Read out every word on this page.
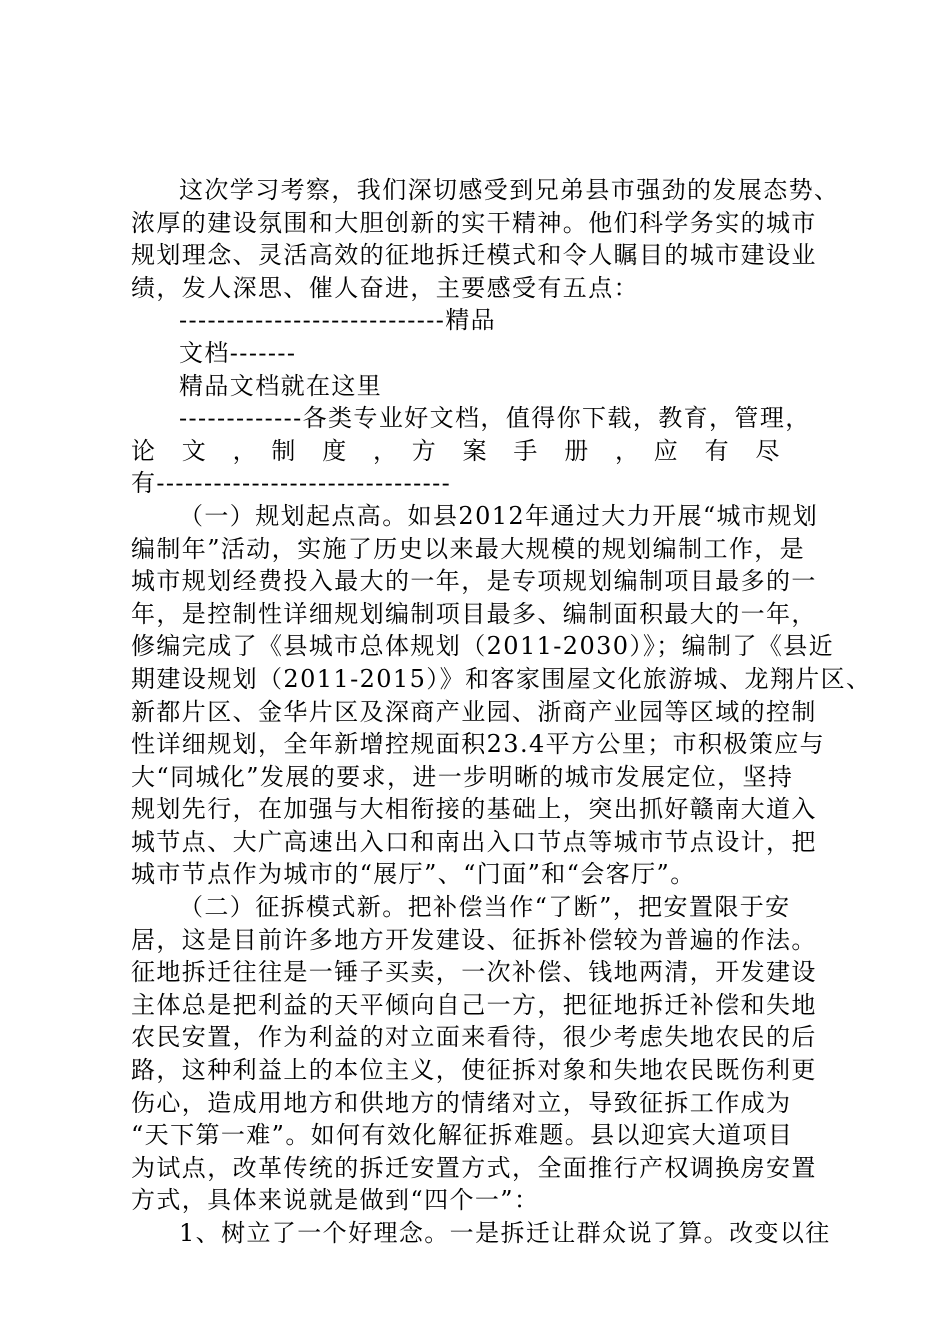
这次学习考察，我们深切感受到兄弟县市强劲的发展态势、
浓厚的建设氛围和大胆创新的实干精神。他们科学务实的城市
规划理念、灵活高效的征地拆迁模式和令人瞩目的城市建设业
绩，发人深思、催人奋进，主要感受有五点：
----------------------------精品
文档-------
精品文档就在这里
-------------各类专业好文档，值得你下载，教育，管理，
论　文　，　制　度　，　方　案　手　册　，　应　有　尽
有-------------------------------
（一）规划起点高。如县2012年通过大力开展“城市规划
编制年”活动，实施了历史以来最大规模的规划编制工作，是
城市规划经费投入最大的一年，是专项规划编制项目最多的一
年，是控制性详细规划编制项目最多、编制面积最大的一年，
修编完成了《县城市总体规划（2011-2030）》；编制了《县近
期建设规划（2011-2015）》和客家围屋文化旅游城、龙翔片区、
新都片区、金华片区及深商产业园、浙商产业园等区域的控制
性详细规划，全年新增控规面积23.4平方公里；市积极策应与
大“同城化”发展的要求，进一步明晰的城市发展定位，坚持
规划先行，在加强与大相衔接的基础上，突出抓好赣南大道入
城节点、大广高速出入口和南出入口节点等城市节点设计，把
城市节点作为城市的“展厅”、“门面”和“会客厅”。
（二）征拆模式新。把补偿当作“了断”，把安置限于安
居，这是目前许多地方开发建设、征拆补偿较为普遍的作法。
征地拆迁往往是一锤子买卖，一次补偿、钱地两清，开发建设
主体总是把利益的天平倾向自己一方，把征地拆迁补偿和失地
农民安置，作为利益的对立面来看待，很少考虑失地农民的后
路，这种利益上的本位主义，使征拆对象和失地农民既伤利更
伤心，造成用地方和供地方的情绪对立，导致征拆工作成为
“天下第一难”。如何有效化解征拆难题。县以迎宾大道项目
为试点，改革传统的拆迁安置方式，全面推行产权调换房安置
方式，具体来说就是做到“四个一”：
1、树立了一个好理念。一是拆迁让群众说了算。改变以往
